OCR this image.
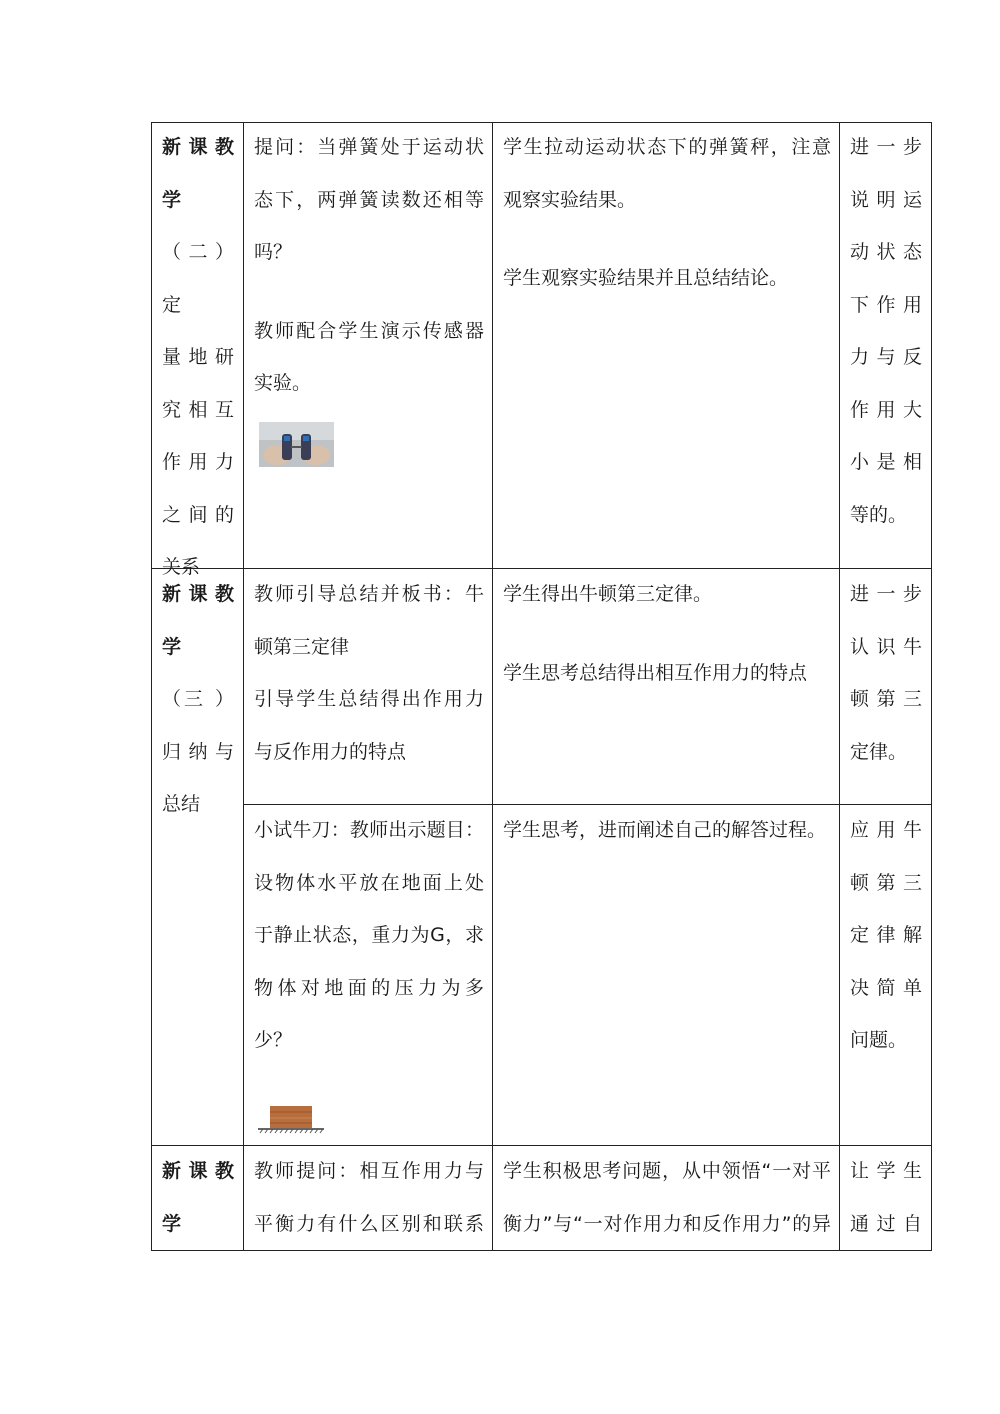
新 课 教

学

（二）定

量 地 研

究 相 互

作 用 力

之 间 的

关系

提问：当弹簧处于运动状

态下，两弹簧读数还相等

吗？

教师配合学生演示传感器

实验。

学生拉动运动状态下的弹簧秤，注意

观察实验结果。

学生观察实验结果并且总结结论。

进 一 步

说 明 运

动 状 态

下 作 用

力 与 反

作 用 大

小 是 相

等的。

新 课 教

学

（三 ）

归 纳 与

总结

教师引导总结并板书：牛

顿第三定律

引导学生总结得出作用力

与反作用力的特点

学生得出牛顿第三定律。

学生思考总结得出相互作用力的特点

进 一 步

认 识 牛

顿 第 三

定律。

小试牛刀：教师出示题目：

设物体水平放在地面上处

于静止状态，重力为G，求

物体对地面的压力为多

少？

学生思考，进而阐述自己的解答过程。	应 用 牛

顿 第 三

定 律 解

决 简 单

问题。

新 课 教

学

教师提问：相互作用力与

平衡力有什么区别和联系

学生积极思考问题，从中领悟“一对平

衡力”与“一对作用力和反作用力”的异

让 学 生

通 过 自
